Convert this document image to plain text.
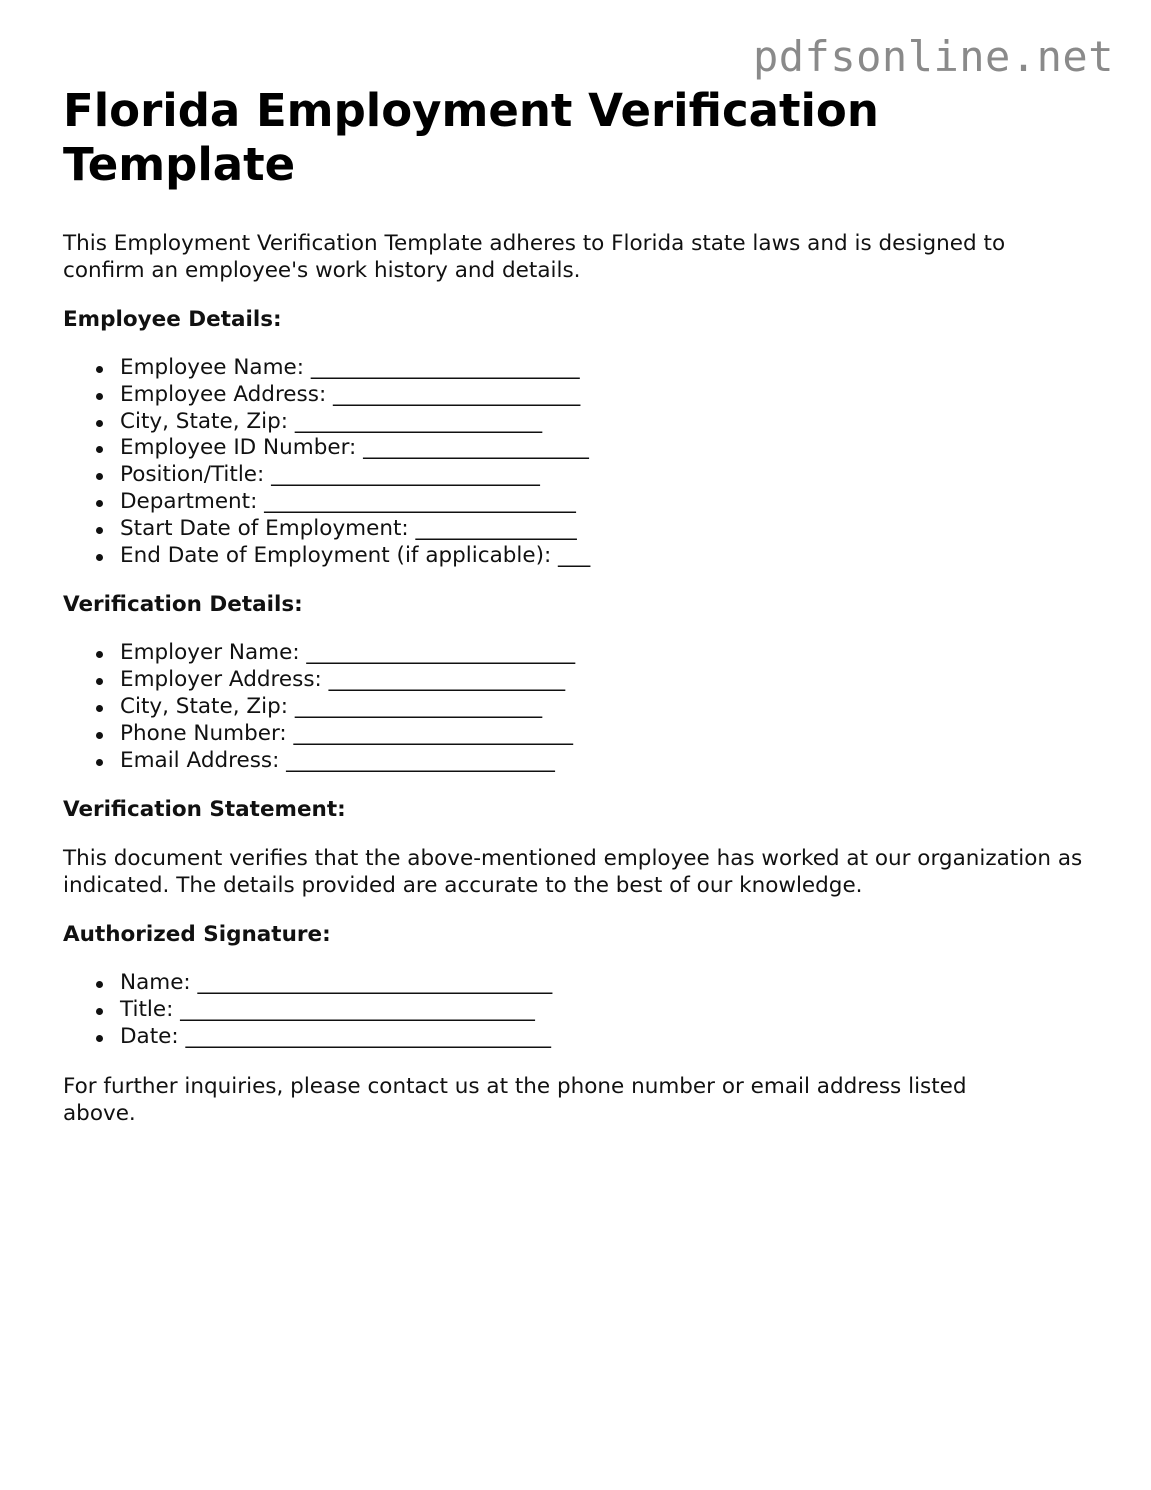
pdfsonline.net
Florida Employment Verification Template

This Employment Verification Template adheres to Florida state laws and is designed to confirm an employee's work history and details.

Employee Details:
Employee Name: _________________________
Employee Address: _______________________
City, State, Zip: _______________________
Employee ID Number: _____________________
Position/Title: _________________________
Department: _____________________________
Start Date of Employment: _______________
End Date of Employment (if applicable): ___
Verification Details:
Employer Name: _________________________
Employer Address: ______________________
City, State, Zip: _______________________
Phone Number: __________________________
Email Address: _________________________
Verification Statement:

This document verifies that the above-mentioned employee has worked at our organization as indicated. The details provided are accurate to the best of our knowledge.

Authorized Signature:
Name: _________________________________
Title: _________________________________
Date: __________________________________

For further inquiries, please contact us at the phone number or email address listed above.
